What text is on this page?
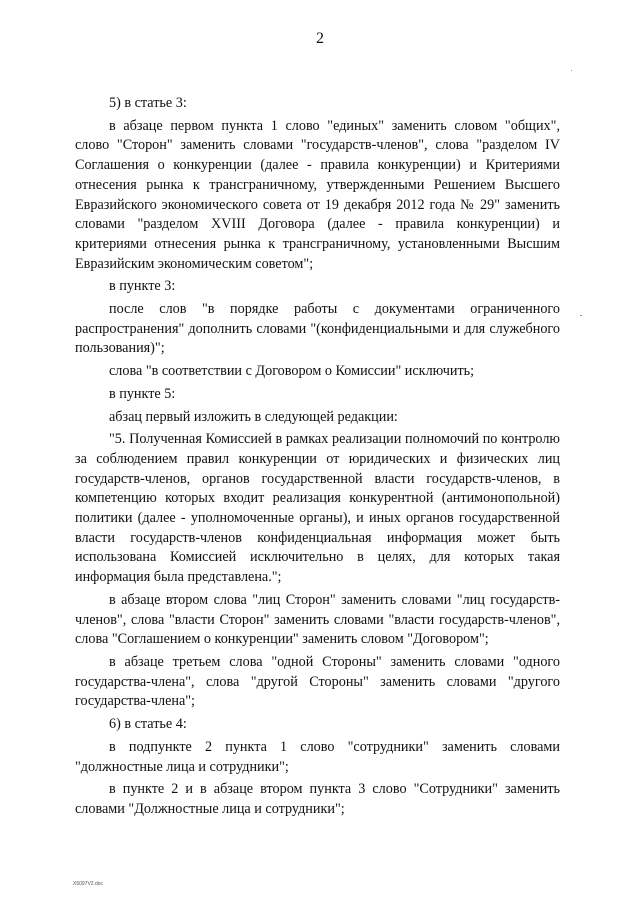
2

5) в статье 3:

в абзаце первом пункта 1 слово "единых" заменить словом "общих", слово "Сторон" заменить словами "государств-членов", слова "разделом IV Соглашения о конкуренции (далее - правила конкуренции) и Критериями отнесения рынка к трансграничному, утвержденными Решением Высшего Евразийского экономического совета от 19 декабря 2012 года № 29" заменить словами "разделом XVIII Договора (далее - правила конкуренции) и критериями отнесения рынка к трансграничному, установленными Высшим Евразийским экономическим советом";

в пункте 3:

после слов "в порядке работы с документами ограниченного распространения" дополнить словами "(конфиденциальными и для служебного пользования)";

слова "в соответствии с Договором о Комиссии" исключить;

в пункте 5:

абзац первый изложить в следующей редакции:

"5. Полученная Комиссией в рамках реализации полномочий по контролю за соблюдением правил конкуренции от юридических и физических лиц государств-членов, органов государственной власти государств-членов, в компетенцию которых входит реализация конкурентной (антимонопольной) политики (далее - уполномоченные органы), и иных органов государственной власти государств-членов конфиденциальная информация может быть использована Комиссией исключительно в целях, для которых такая информация была представлена.";

в абзаце втором слова "лиц Сторон" заменить словами "лиц государств-членов", слова "власти Сторон" заменить словами "власти государств-членов", слова "Соглашением о конкуренции" заменить словом "Договором";

в абзаце третьем слова "одной Стороны" заменить словами "одного государства-члена", слова "другой Стороны" заменить словами "другого государства-члена";

6) в статье 4:

в подпункте 2 пункта 1 слово "сотрудники" заменить словами "должностные лица и сотрудники";

в пункте 2 и в абзаце втором пункта 3 слово "Сотрудники" заменить словами "Должностные лица и сотрудники";

Х5097V2.doc
